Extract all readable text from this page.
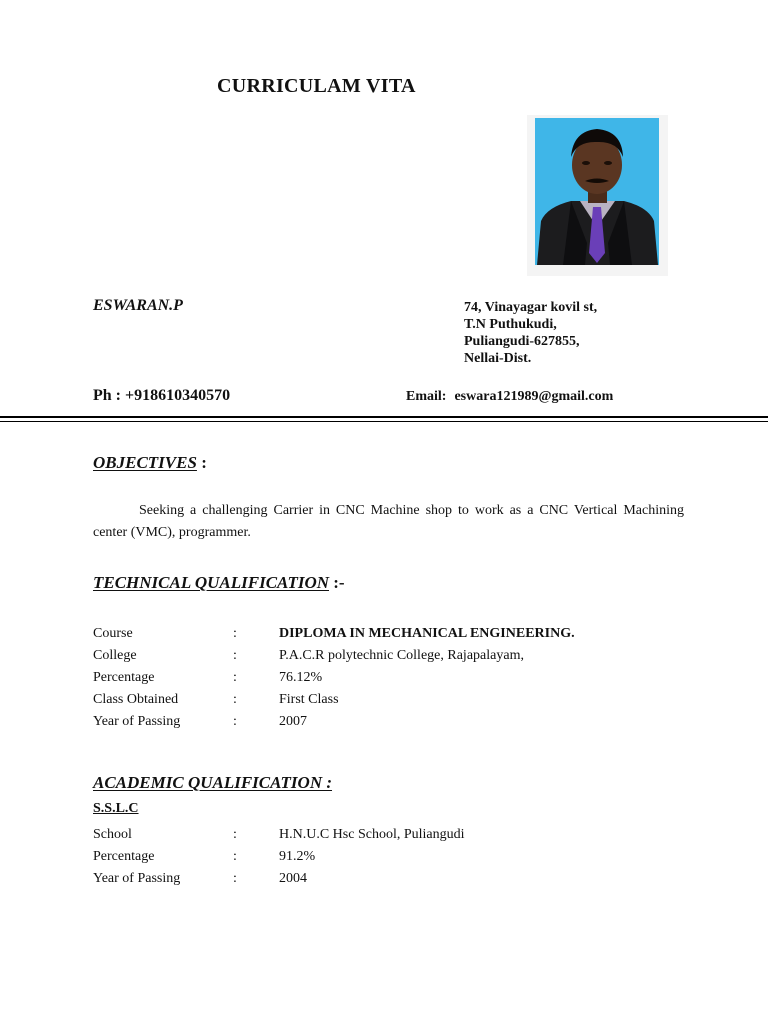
CURRICULAM VITA
ESWARAN.P	74, Vinayagar kovil st,
T.N Puthukudi,
Puliangudi-627855,
Nellai-Dist.
Ph : +918610340570	Email: eswara121989@gmail.com
OBJECTIVES :
Seeking a challenging Carrier in CNC Machine shop to work as a CNC Vertical Machining center (VMC), programmer.
TECHNICAL QUALIFICATION :-
Course	:	DIPLOMA IN MECHANICAL ENGINEERING.
College	:	P.A.C.R polytechnic College, Rajapalayam,
Percentage	:	76.12%
Class Obtained	:	First Class
Year of Passing	:	2007
ACADEMIC QUALIFICATION :
S.S.L.C
School	:	H.N.U.C Hsc School, Puliangudi
Percentage	:	91.2%
Year of Passing	:	2004
